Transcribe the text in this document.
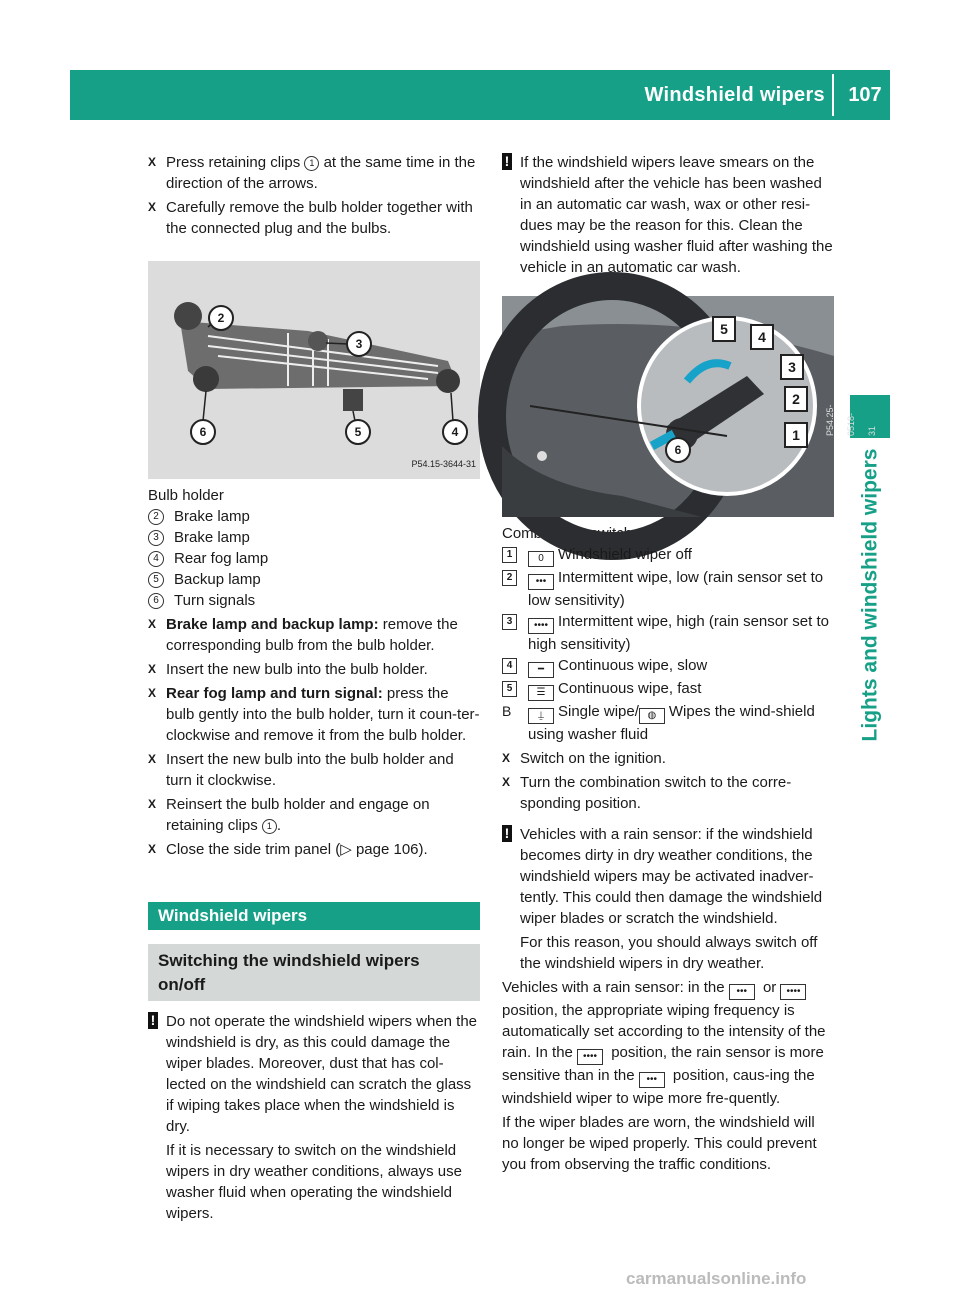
Windshield wipers	107
Lights and windshield wipers
X Press retaining clips 1 at the same time in the direction of the arrows.
X Carefully remove the bulb holder together with the connected plug and the bulbs.
2
3
6	5	4
P54.15-3644-31
Bulb holder
2	Brake lamp
3	Brake lamp
4	Rear fog lamp
5	Backup lamp
6	Turn signals
X Brake lamp and backup lamp: remove the corresponding bulb from the bulb holder.
X Insert the new bulb into the bulb holder.
X Rear fog lamp and turn signal: press the bulb gently into the bulb holder, turn it coun-ter-clockwise and remove it from the bulb holder.
X Insert the new bulb into the bulb holder and turn it clockwise.
X Reinsert the bulb holder and engage on retaining clips 1 .
X Close the side trim panel (▷ page 106).
Windshield wipers
Switching the windshield wipers on/off
! Do not operate the windshield wipers when the windshield is dry, as this could damage the wiper blades. Moreover, dust that has col-lected on the windshield can scratch the glass if wiping takes place when the windshield is dry.
If it is necessary to switch on the windshield wipers in dry weather conditions, always use washer fluid when operating the windshield wipers.
! If the windshield wipers leave smears on the windshield after the vehicle has been washed in an automatic car wash, wax or other resi-dues may be the reason for this. Clean the windshield using washer fluid after washing the vehicle in an automatic car wash.
5	4
3
2
1
6
P54.25-0518-31
Combination switch
1	0 Windshield wiper off
2	••• Intermittent wipe, low (rain sensor set to low sensitivity)
3	•••• Intermittent wipe, high (rain sensor set to high sensitivity)
4	━ Continuous wipe, slow
5	☰ Continuous wipe, fast
B	⍊ Single wipe/ ◍ Wipes the wind-shield using washer fluid
X Switch on the ignition.
X Turn the combination switch to the corre-sponding position.
! Vehicles with a rain sensor: if the windshield becomes dirty in dry weather conditions, the windshield wipers may be activated inadver-tently. This could then damage the windshield wiper blades or scratch the windshield.
For this reason, you should always switch off the windshield wipers in dry weather.
Vehicles with a rain sensor: in the ••• or •••• position, the appropriate wiping frequency is automatically set according to the intensity of the rain. In the •••• position, the rain sensor is more sensitive than in the ••• position, caus-ing the windshield wiper to wipe more fre-quently.
If the wiper blades are worn, the windshield will no longer be wiped properly. This could prevent you from observing the traffic conditions.
carmanualsonline.info
